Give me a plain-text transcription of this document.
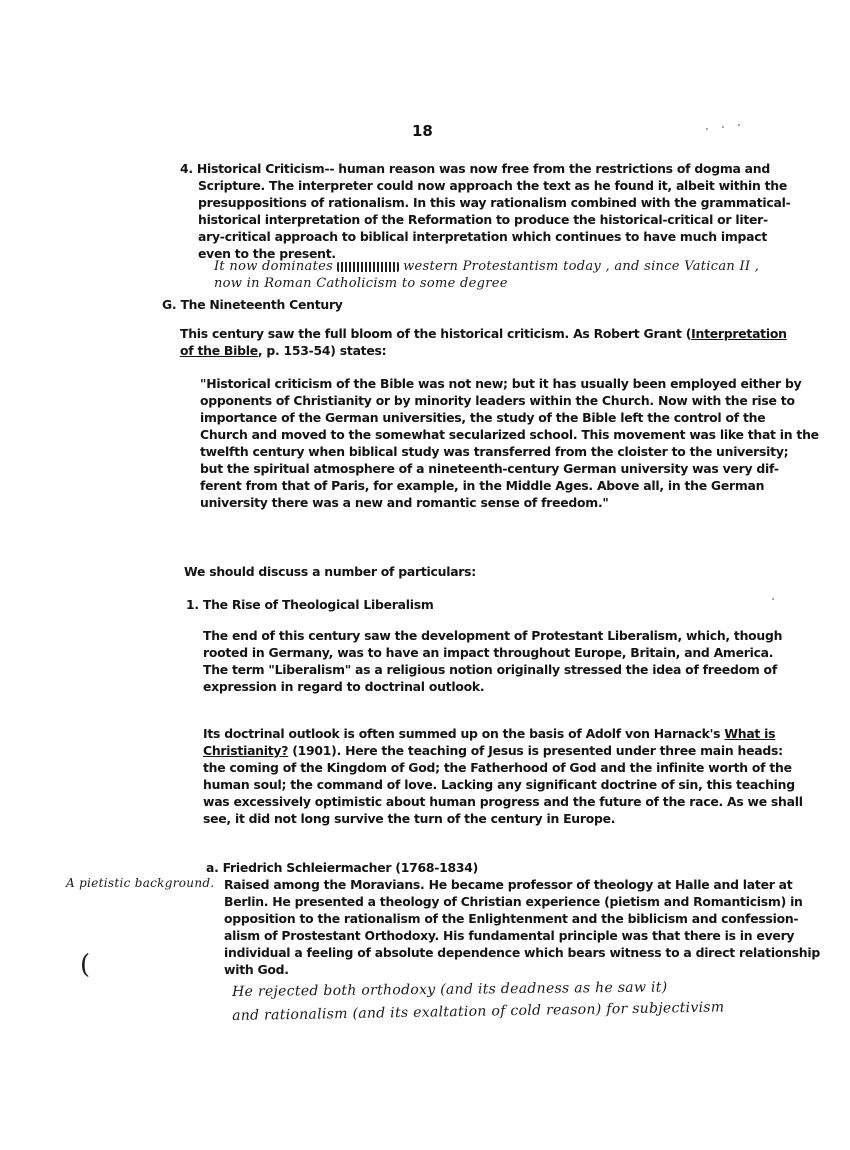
18
4. Historical Criticism-- human reason was now free from the restrictions of dogma and
Scripture. The interpreter could now approach the text as he found it, albeit within the
presuppositions of rationalism. In this way rationalism combined with the grammatical-
historical interpretation of the Reformation to produce the historical-critical or liter-
ary-critical approach to biblical interpretation which continues to have much impact
even to the present.
It now dominates	western Protestantism today , and since Vatican II ,
now in Roman Catholicism to some degree
G. The Nineteenth Century
This century saw the full bloom of the historical criticism. As Robert Grant (Interpretation
of the Bible, p. 153-54) states:
"Historical criticism of the Bible was not new; but it has usually been employed either by
opponents of Christianity or by minority leaders within the Church. Now with the rise to
importance of the German universities, the study of the Bible left the control of the
Church and moved to the somewhat secularized school. This movement was like that in the
twelfth century when biblical study was transferred from the cloister to the university;
but the spiritual atmosphere of a nineteenth-century German university was very dif-
ferent from that of Paris, for example, in the Middle Ages. Above all, in the German
university there was a new and romantic sense of freedom."
We should discuss a number of particulars:
1. The Rise of Theological Liberalism
The end of this century saw the development of Protestant Liberalism, which, though
rooted in Germany, was to have an impact throughout Europe, Britain, and America.
The term "Liberalism" as a religious notion originally stressed the idea of freedom of
expression in regard to doctrinal outlook.
Its doctrinal outlook is often summed up on the basis of Adolf von Harnack's What is
Christianity? (1901). Here the teaching of Jesus is presented under three main heads:
the coming of the Kingdom of God; the Fatherhood of God and the infinite worth of the
human soul; the command of love. Lacking any significant doctrine of sin, this teaching
was excessively optimistic about human progress and the future of the race. As we shall
see, it did not long survive the turn of the century in Europe.
a. Friedrich Schleiermacher (1768-1834)
A pietistic background. Raised among the Moravians. He became professor of theology at Halle and later at
Berlin. He presented a theology of Christian experience (pietism and Romanticism) in
opposition to the rationalism of the Enlightenment and the biblicism and confession-
alism of Prostestant Orthodoxy. His fundamental principle was that there is in every
individual a feeling of absolute dependence which bears witness to a direct relationship
with God.
(
He rejected both orthodoxy (and its deadness as he saw it)
and rationalism (and its exaltation of cold reason) for subjectivism
